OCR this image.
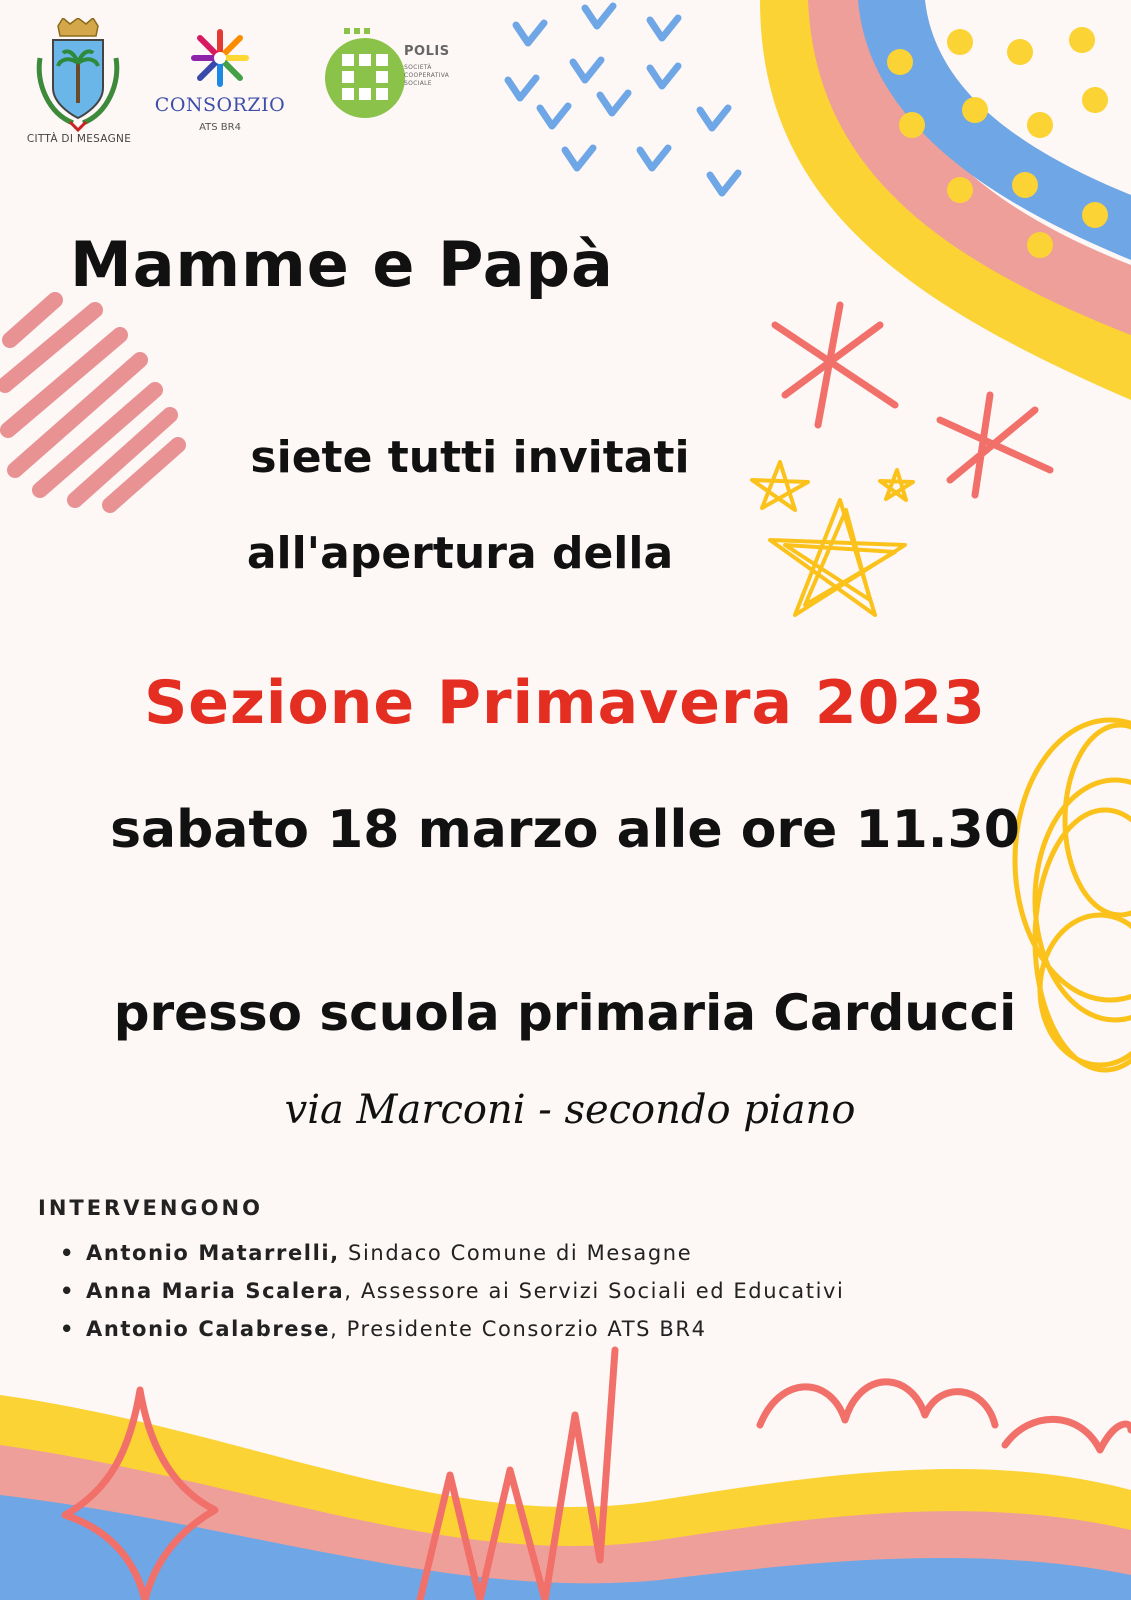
CITTÀ DI MESAGNE
CONSORZIO
ATS BR4
POLIS
SOCIETÀ COOPERATIVA SOCIALE
Mamme e Papà
siete tutti invitati
all'apertura della
Sezione Primavera 2023
sabato 18 marzo alle ore 11.30
presso scuola primaria Carducci
via Marconi - secondo piano
INTERVENGONO
• Antonio Matarrelli, Sindaco Comune di Mesagne
• Anna Maria Scalera, Assessore ai Servizi Sociali ed Educativi
• Antonio Calabrese, Presidente Consorzio ATS BR4
